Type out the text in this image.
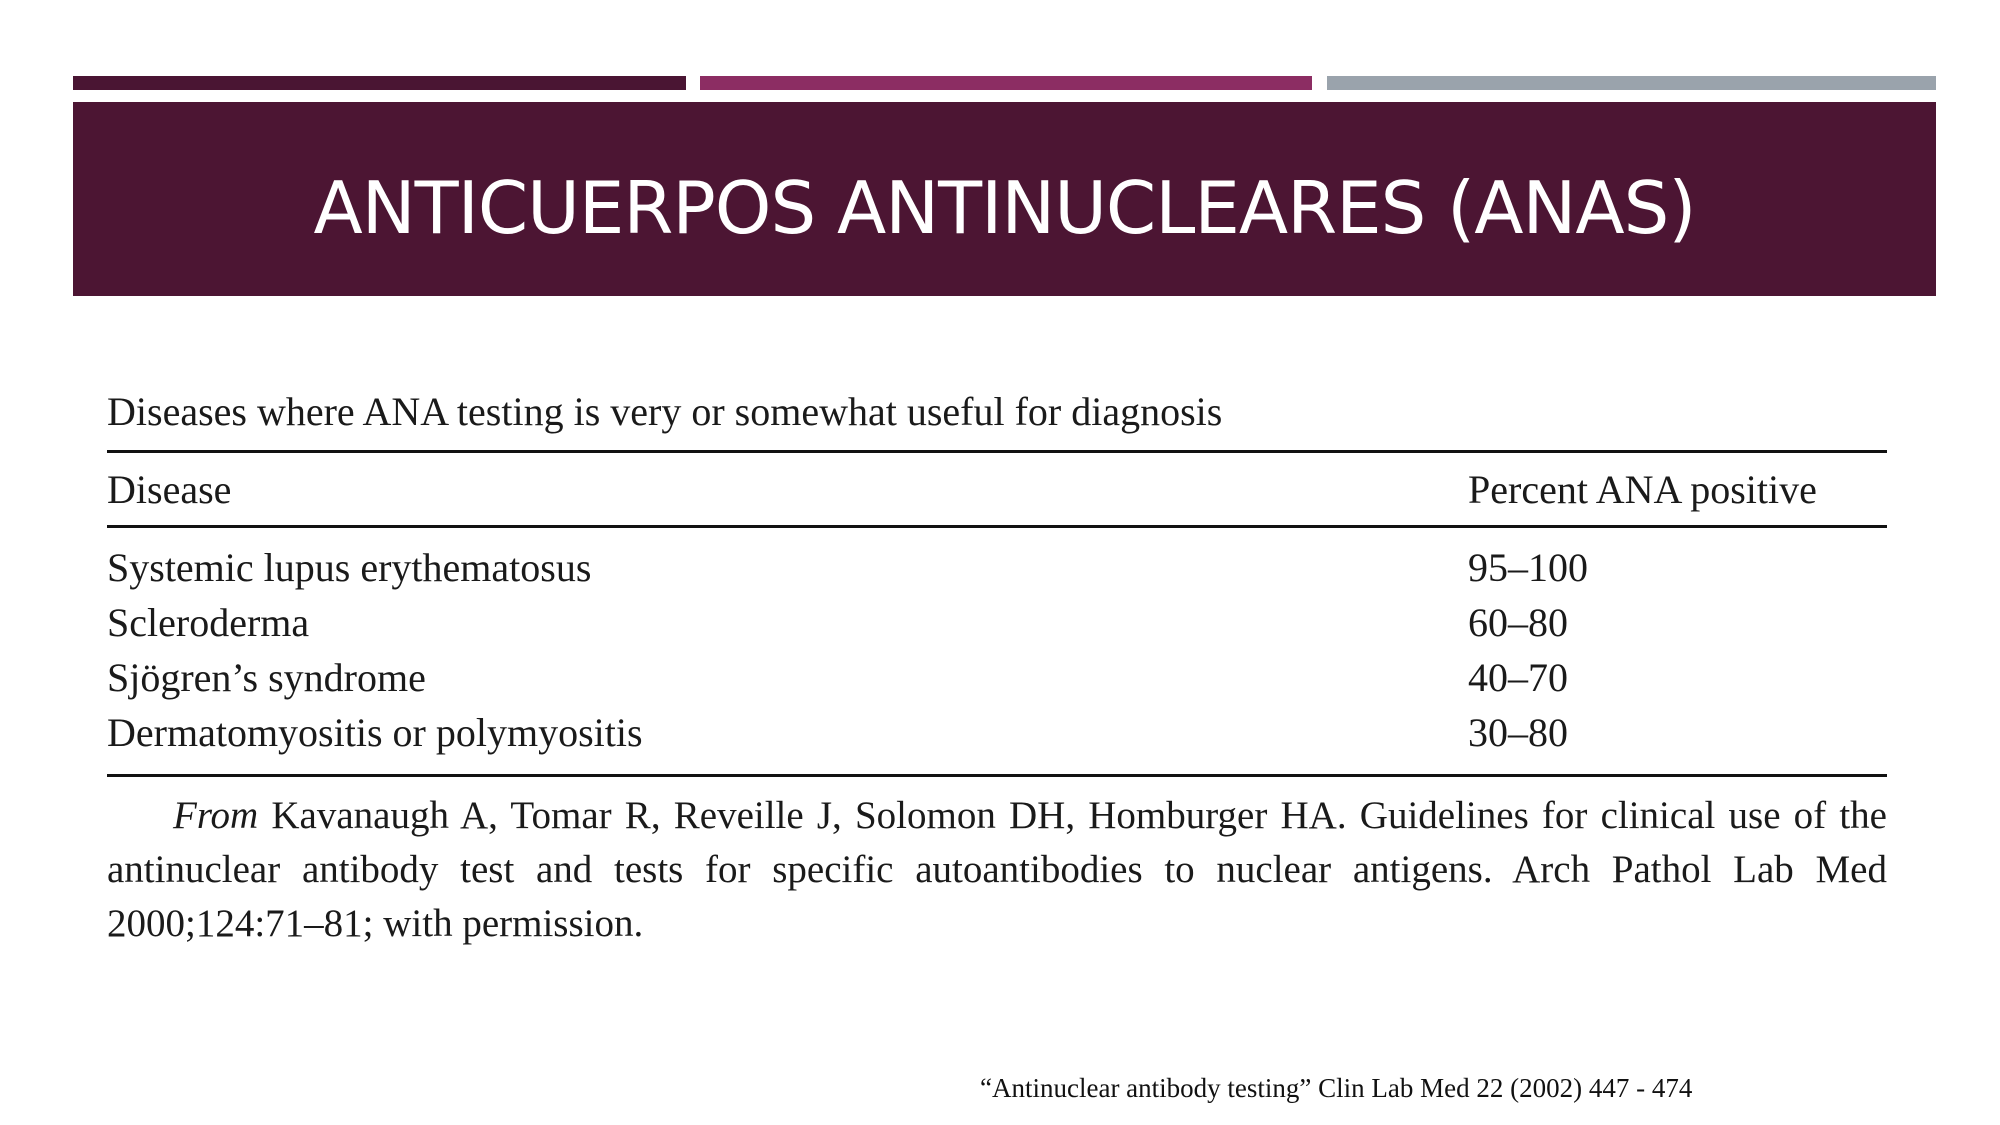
ANTICUERPOS ANTINUCLEARES (ANAS)
Diseases where ANA testing is very or somewhat useful for diagnosis
Disease	Percent ANA positive
Systemic lupus erythematosus	95–100
Scleroderma	60–80
Sjögren’s syndrome	40–70
Dermatomyositis or polymyositis	30–80
From Kavanaugh A, Tomar R, Reveille J, Solomon DH, Homburger HA. Guidelines for clinical use of the antinuclear antibody test and tests for specific autoantibodies to nuclear antigens. Arch Pathol Lab Med 2000;124:71–81; with permission.
“Antinuclear antibody testing” Clin Lab Med 22 (2002) 447 - 474
